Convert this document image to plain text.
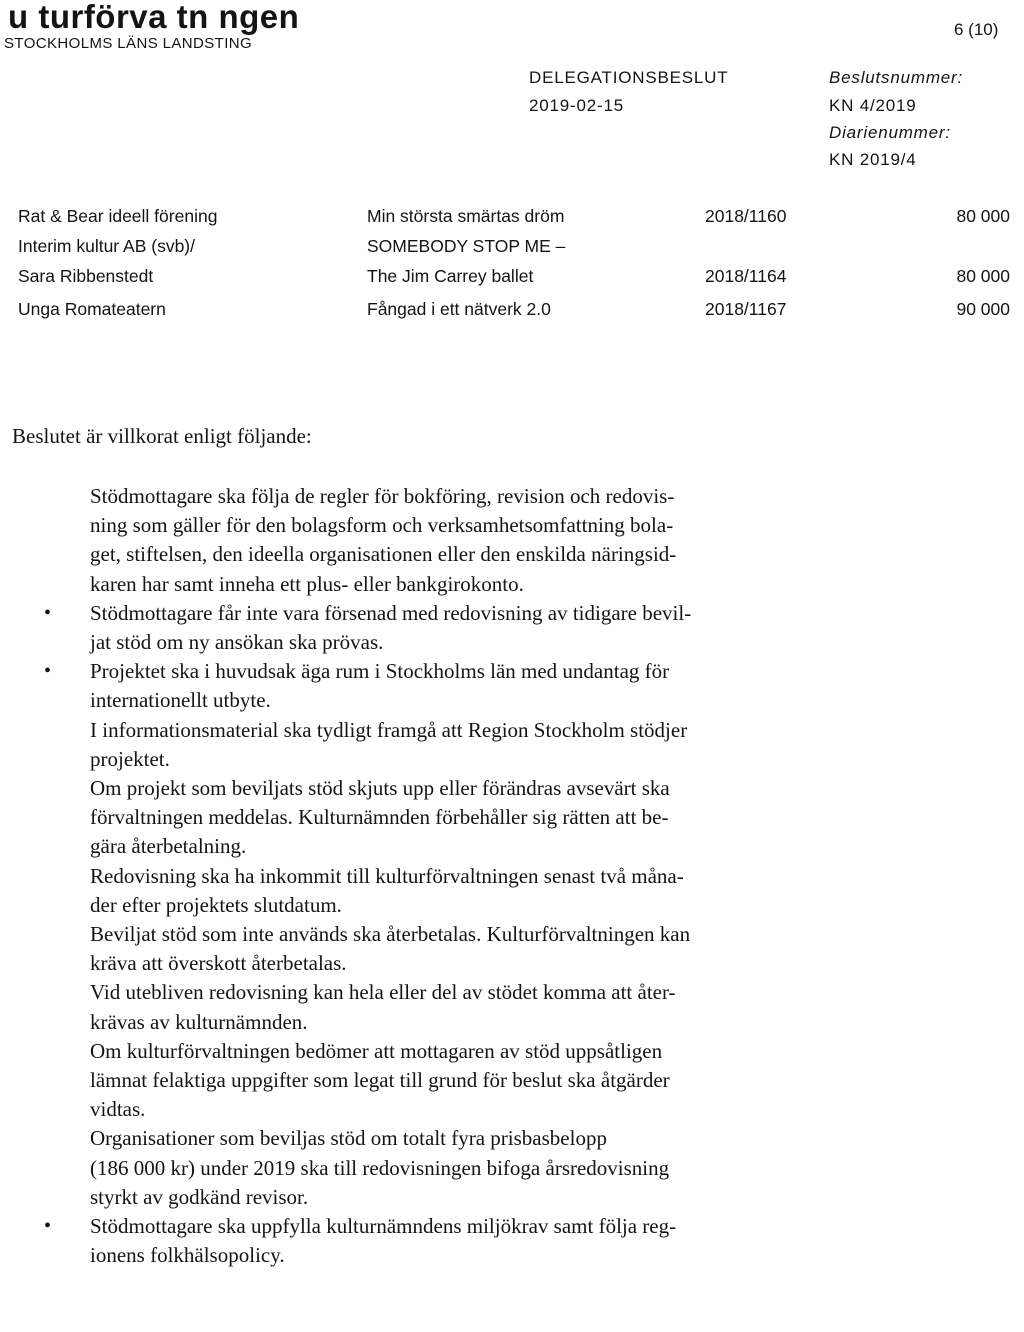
u turförva tn ngen
STOCKHOLMS LÄNS LANDSTING
6 (10)
DELEGATIONSBESLUT
2019-02-15
Beslutsnummer:
KN 4/2019
Diarienummer:
KN 2019/4
Rat & Bear ideell förening	Min största smärtas dröm	2018/1160	80 000
Interim kultur AB (svb)/	SOMEBODY STOP ME –
Sara Ribbenstedt	The Jim Carrey ballet	2018/1164	80 000
Unga Romateatern	Fångad i ett nätverk 2.0	2018/1167	90 000
Beslutet är villkorat enligt följande:
Stödmottagare ska följa de regler för bokföring, revision och redovis-
ning som gäller för den bolagsform och verksamhetsomfattning bola-
get, stiftelsen, den ideella organisationen eller den enskilda näringsid-
karen har samt inneha ett plus- eller bankgirokonto.
• Stödmottagare får inte vara försenad med redovisning av tidigare bevil-
jat stöd om ny ansökan ska prövas.
• Projektet ska i huvudsak äga rum i Stockholms län med undantag för
internationellt utbyte.
I informationsmaterial ska tydligt framgå att Region Stockholm stödjer
projektet.
Om projekt som beviljats stöd skjuts upp eller förändras avsevärt ska
förvaltningen meddelas. Kulturnämnden förbehåller sig rätten att be-
gära återbetalning.
Redovisning ska ha inkommit till kulturförvaltningen senast två måna-
der efter projektets slutdatum.
Beviljat stöd som inte används ska återbetalas. Kulturförvaltningen kan
kräva att överskott återbetalas.
Vid utebliven redovisning kan hela eller del av stödet komma att åter-
krävas av kulturnämnden.
Om kulturförvaltningen bedömer att mottagaren av stöd uppsåtligen
lämnat felaktiga uppgifter som legat till grund för beslut ska åtgärder
vidtas.
Organisationer som beviljas stöd om totalt fyra prisbasbelopp
(186 000 kr) under 2019 ska till redovisningen bifoga årsredovisning
styrkt av godkänd revisor.
• Stödmottagare ska uppfylla kulturnämndens miljökrav samt följa reg-
ionens folkhälsopolicy.
